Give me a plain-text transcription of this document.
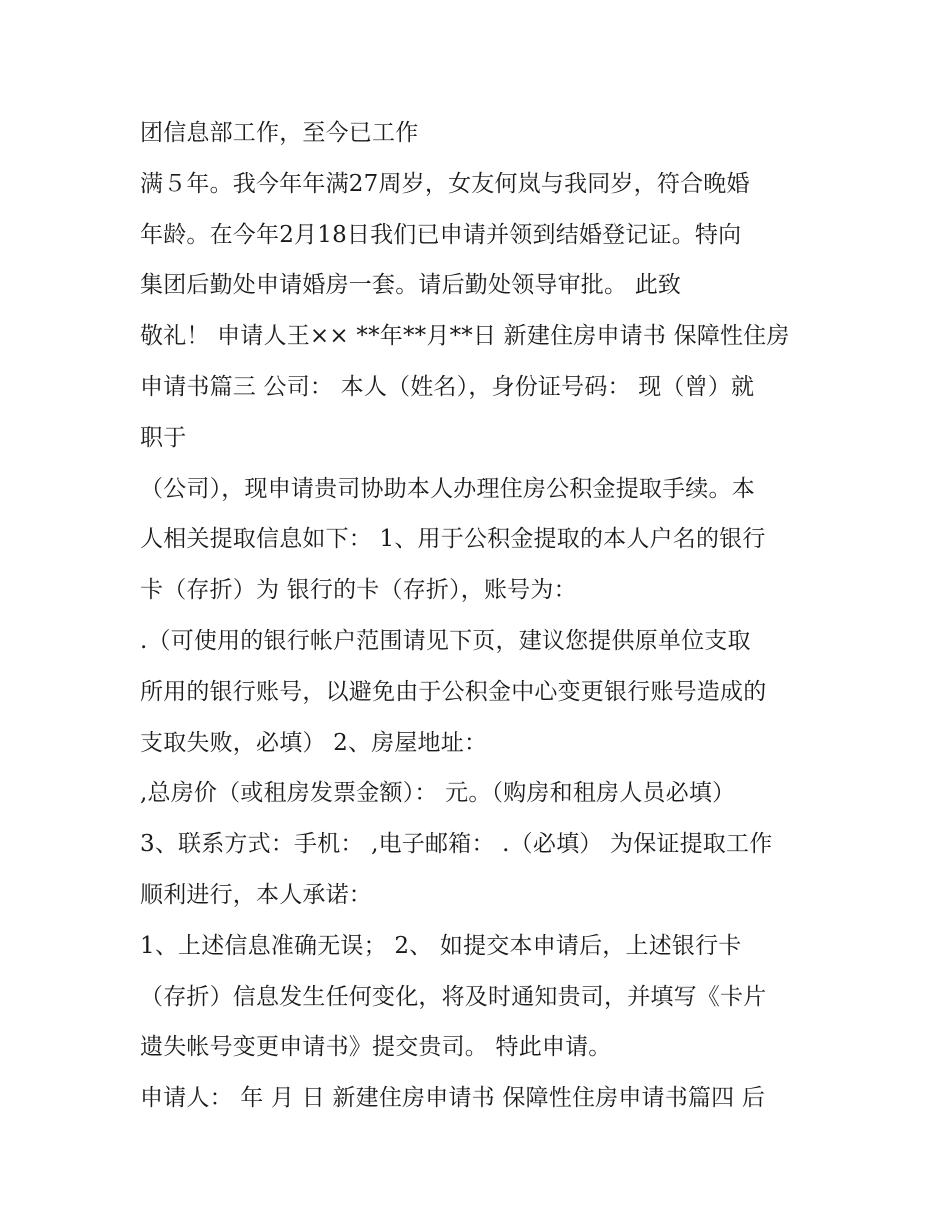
团信息部工作，至今已工作
满５年。我今年年满27周岁，女友何岚与我同岁，符合晚婚
年龄。在今年2月18日我们已申请并领到结婚登记证。特向
集团后勤处申请婚房一套。请后勤处领导审批。 此致
敬礼！ 申请人王×× **年**月**日 新建住房申请书 保障性住房
申请书篇三 公司： 本人（姓名），身份证号码： 现（曾）就
职于
（公司），现申请贵司协助本人办理住房公积金提取手续。本
人相关提取信息如下： 1、用于公积金提取的本人户名的银行
卡（存折）为 银行的卡（存折），账号为：
.（可使用的银行帐户范围请见下页，建议您提供原单位支取
所用的银行账号，以避免由于公积金中心变更银行账号造成的
支取失败，必填） 2、房屋地址：
,总房价（或租房发票金额）： 元。（购房和租房人员必填）
3、联系方式：手机： ,电子邮箱： .（必填） 为保证提取工作
顺利进行，本人承诺：
1、上述信息准确无误； 2、 如提交本申请后，上述银行卡
（存折）信息发生任何变化，将及时通知贵司，并填写《卡片
遗失帐号变更申请书》提交贵司。 特此申请。
申请人： 年 月 日 新建住房申请书 保障性住房申请书篇四 后
